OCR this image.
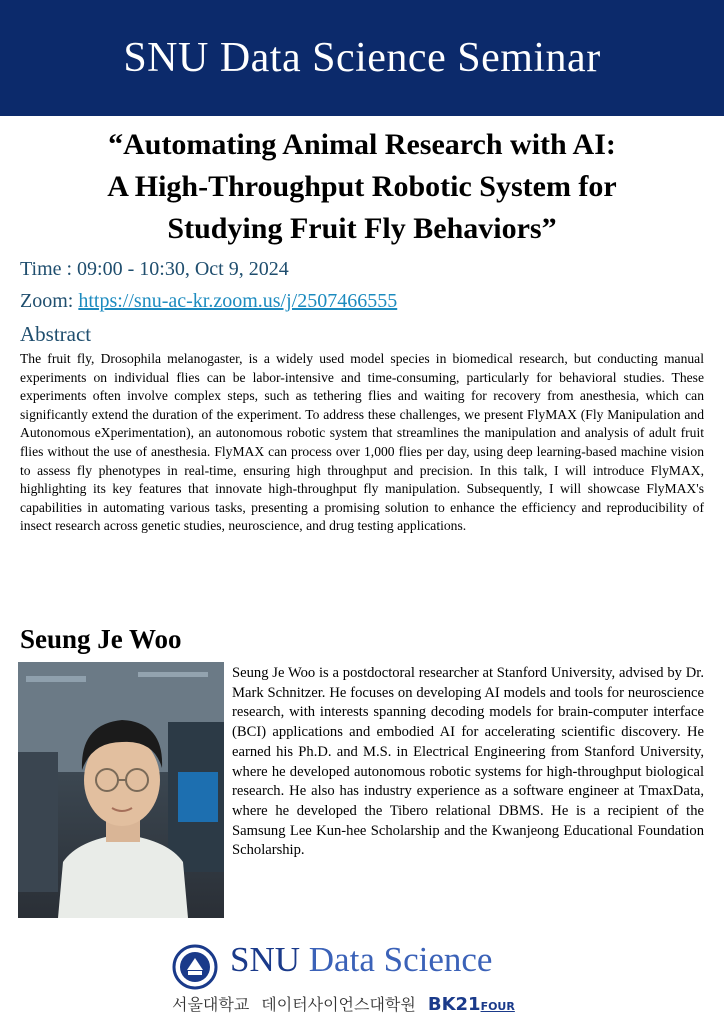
SNU Data Science Seminar
“Automating Animal Research with AI:
A High-Throughput Robotic System for
Studying Fruit Fly Behaviors”
Time : 09:00 - 10:30, Oct 9, 2024
Zoom: https://snu-ac-kr.zoom.us/j/2507466555
Abstract
The fruit fly, Drosophila melanogaster, is a widely used model species in biomedical research, but conducting manual experiments on individual flies can be labor-intensive and time-consuming, particularly for behavioral studies. These experiments often involve complex steps, such as tethering flies and waiting for recovery from anesthesia, which can significantly extend the duration of the experiment. To address these challenges, we present FlyMAX (Fly Manipulation and Autonomous eXperimentation), an autonomous robotic system that streamlines the manipulation and analysis of adult fruit flies without the use of anesthesia. FlyMAX can process over 1,000 flies per day, using deep learning-based machine vision to assess fly phenotypes in real-time, ensuring high throughput and precision. In this talk, I will introduce FlyMAX, highlighting its key features that innovate high-throughput fly manipulation. Subsequently, I will showcase FlyMAX's capabilities in automating various tasks, presenting a promising solution to enhance the efficiency and reproducibility of insect research across genetic studies, neuroscience, and drug testing applications.
Seung Je Woo
Seung Je Woo is a postdoctoral researcher at Stanford University, advised by Dr. Mark Schnitzer. He focuses on developing AI models and tools for neuroscience research, with interests spanning decoding models for brain-computer interface (BCI) applications and embodied AI for accelerating scientific discovery. He earned his Ph.D. and M.S. in Electrical Engineering from Stanford University, where he developed autonomous robotic systems for high-throughput biological research. He also has industry experience as a software engineer at TmaxData, where he developed the Tibero relational DBMS. He is a recipient of the Samsung Lee Kun-hee Scholarship and the Kwanjeong Educational Foundation Scholarship.
SNU Data Science
서울대학교 데이터사이언스대학원 BK21FOUR
